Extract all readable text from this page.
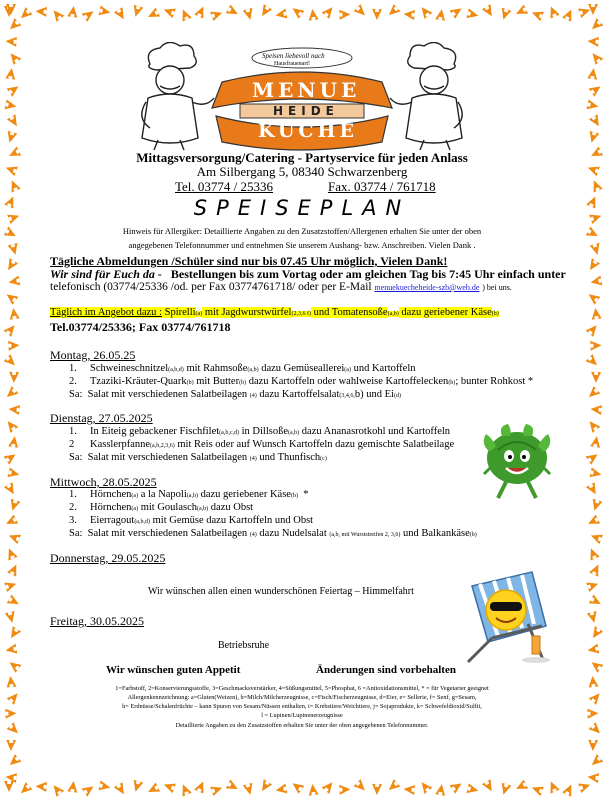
Speisen liebevoll nach
Hausfrauenart!
MENUE
HEIDE
KÜCHE
Mittagsversorgung/Catering - Partyservice für jeden Anlass
Am Silbergang 5, 08340 Schwarzenberg
Tel. 03774 / 25336	Fax. 03774 / 761718
SPEISEPLAN
Hinweis für Allergiker: Detaillierte Angaben zu den Zusatzstoffen/Allergenen erhalten Sie unter der oben
angegebenen Telefonnummer und entnehmen Sie unserem Aushang- bzw. Anschreiben. Vielen Dank .
Tägliche Abmeldungen /Schüler sind nur bis 07.45 Uhr möglich, Vielen Dank!
Wir sind für Euch da - Bestellungen bis zum Vortag oder am gleichen Tag bis 7:45 Uhr einfach unter
telefonisch (03774/25336 /od. per Fax 03774761718/ oder per E-Mail menuekuecheheide-szb@web.de ) bei uns.
Täglich im Angebot dazu : Spirelli(a) mit Jagdwurstwürfel(2,3,6 f) und Tomatensoße(a,b) dazu geriebener Käse(b)
Tel.03774/25336; Fax 03774/761718
Montag, 26.05.25
1. Schweineschnitzel(a,b,d) mit Rahmsoße(a,b) dazu Gemüseallerei(a) und Kartoffeln
2. Tzaziki-Kräuter-Quark(b) mit Butter(b) dazu Kartoffeln oder wahlweise Kartoffelecken(b); bunter Rohkost *
Sa: Salat mit verschiedenen Salatbeilagen (4) dazu Kartoffelsalat(3,4,6,b) und Ei(d)
Dienstag, 27.05.2025
1. In Eiteig gebackener Fischfilet(a,b,c,d) in Dillsoße(a,b) dazu Ananasrotkohl und Kartoffeln
2 Kasslerpfanne(a,b,2,3,6) mit Reis oder auf Wunsch Kartoffeln dazu gemischte Salatbeilage
Sa: Salat mit verschiedenen Salatbeilagen (4) und Thunfisch(c)
Mittwoch, 28.05.2025
1. Hörnchen(a) a la Napoli(a,b) dazu geriebener Käse(b) *
2. Hörnchen(a) mit Goulasch(a,b) dazu Obst
3. Eierragout(a,b,d) mit Gemüse dazu Kartoffeln und Obst
Sa: Salat mit verschiedenen Salatbeilagen (4) dazu Nudelsalat (a,b, mit Wurststreifen 2, 3,6) und Balkankäse(b)
Donnerstag, 29.05.2025
Wir wünschen allen einen wunderschönen Feiertag – Himmelfahrt
Freitag, 30.05.2025
Betriebsruhe
Wir wünschen guten Appetit	Änderungen sind vorbehalten
1=Farbstoff, 2=Konservierungsstoffe, 3=Geschmacksverstärker, 4=Süßungsmittel, 5=Phosphat, 6 =Antioxidationsmittel, * = für Vegetarier geeignet
Allergenkennzeichnung: a=Gluten(Weizen), b=Milch/Milcherzeugnisse, c=Fisch/Fischerzeugnisse, d=Eier, e= Sellerie, f= Senf, g=Sesam,
h= Erdnüsse/Schalenfrüchte – kann Spuren von Sesam/Nüssen enthalten, i= Krebstiere/Weichtiere, j= Sojaprodukte, k= Schwefeldioxid/Sulfit,
l = Lupinen/Lupinenerzeugnisse
Detaillierte Angaben zu den Zusatzstoffen erhalten Sie unter der oben angegebenen Telefonnummer.
